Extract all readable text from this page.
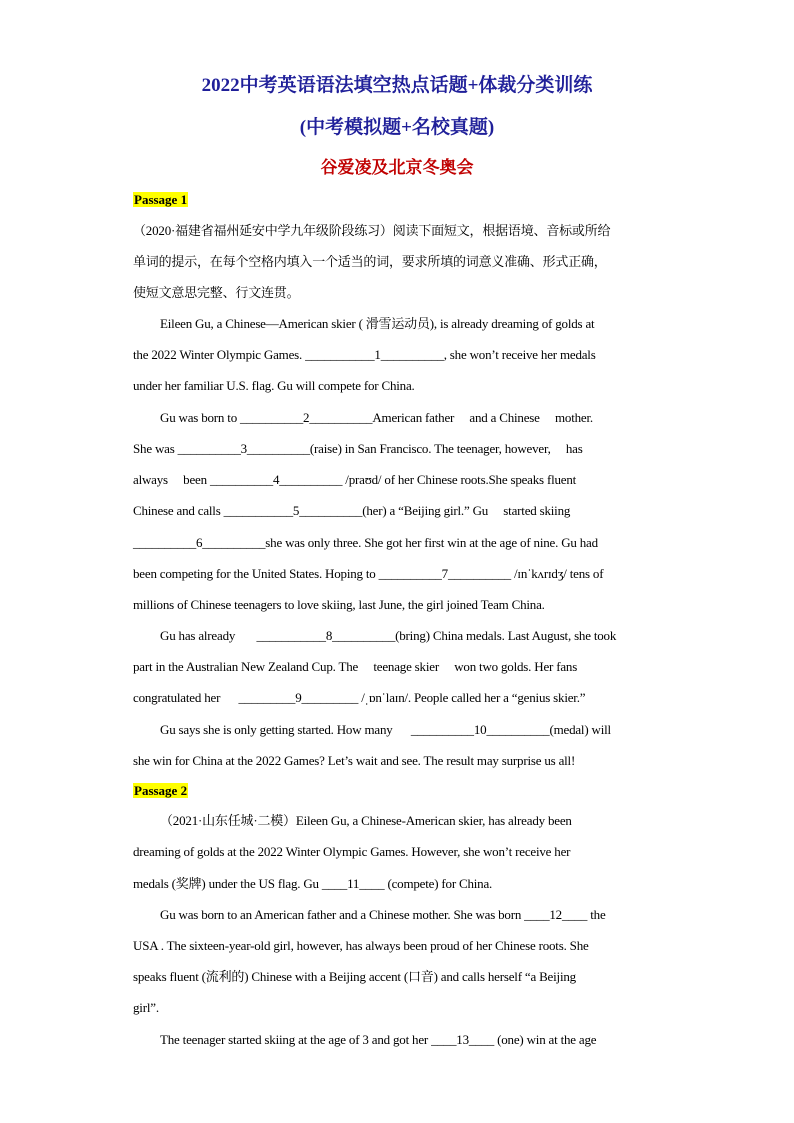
2022中考英语语法填空热点话题+体裁分类训练
(中考模拟题+名校真题)
谷爱凌及北京冬奥会
Passage 1
（2020·福建省福州延安中学九年级阶段练习）阅读下面短文，根据语境、音标或所给
单词的提示，在每个空格内填入一个适当的词，要求所填的词意义准确、形式正确，
使短文意思完整、行文连贯。
Eileen Gu, a Chinese—American skier ( 滑雪运动员), is already dreaming of golds at
the 2022 Winter Olympic Games. ___________1__________, she won’t receive her medals
under her familiar U.S. flag. Gu will compete for China.
Gu was born to __________2__________American father     and a Chinese     mother.
She was __________3__________(raise) in San Francisco. The teenager, however,     has
always     been __________4__________ /praʊd/ of her Chinese roots.She speaks fluent
Chinese and calls ___________5__________(her) a “Beijing girl.” Gu     started skiing
__________6__________she was only three. She got her first win at the age of nine. Gu had
been competing for the United States. Hoping to __________7__________ /ɪnˈkʌrɪdʒ/ tens of
millions of Chinese teenagers to love skiing, last June, the girl joined Team China.
Gu has already       ___________8__________(bring) China medals. Last August, she took
part in the Australian New Zealand Cup. The     teenage skier     won two golds. Her fans
congratulated her      _________9_________ /ˌɒnˈlaɪn/. People called her a “genius skier.”
Gu says she is only getting started. How many      __________10__________(medal) will
she win for China at the 2022 Games? Let’s wait and see. The result may surprise us all!
Passage 2
（2021·山东任城·二模）Eileen Gu, a Chinese-American skier, has already been
dreaming of golds at the 2022 Winter Olympic Games. However, she won’t receive her
medals (奖牌) under the US flag. Gu ____11____ (compete) for China.
Gu was born to an American father and a Chinese mother. She was born ____12____ the
USA . The sixteen-year-old girl, however, has always been proud of her Chinese roots. She
speaks fluent (流利的) Chinese with a Beijing accent (口音) and calls herself “a Beijing
girl”.
The teenager started skiing at the age of 3 and got her ____13____ (one) win at the age
